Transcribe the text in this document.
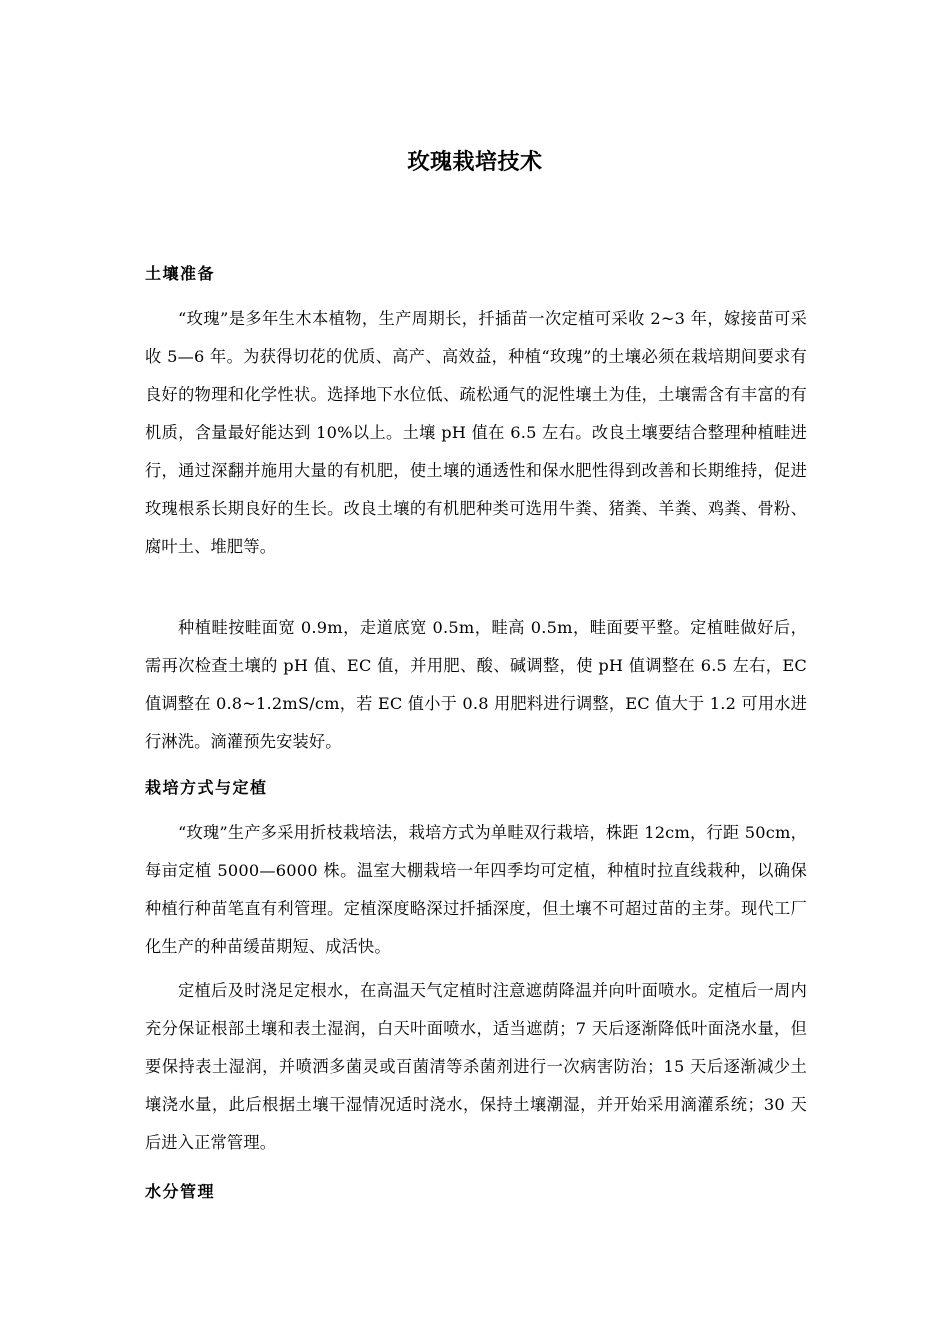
玫瑰栽培技术
土壤准备
“玫瑰”是多年生木本植物，生产周期长，扦插苗一次定植可采收 2~3 年，嫁接苗可采收 5—6 年。为获得切花的优质、高产、高效益，种植“玫瑰”的土壤必须在栽培期间要求有良好的物理和化学性状。选择地下水位低、疏松通气的泥性壤土为佳，土壤需含有丰富的有机质，含量最好能达到 10%以上。土壤 pH 值在 6.5 左右。改良土壤要结合整理种植畦进行，通过深翻并施用大量的有机肥，使土壤的通透性和保水肥性得到改善和长期维持，促进玫瑰根系长期良好的生长。改良土壤的有机肥种类可选用牛粪、猪粪、羊粪、鸡粪、骨粉、腐叶土、堆肥等。
种植畦按畦面宽 0.9m，走道底宽 0.5m，畦高 0.5m，畦面要平整。定植畦做好后，需再次检查土壤的 pH 值、EC 值，并用肥、酸、碱调整，使 pH 值调整在 6.5 左右，EC 值调整在 0.8~1.2mS/cm，若 EC 值小于 0.8 用肥料进行调整，EC 值大于 1.2 可用水进行淋洗。滴灌预先安装好。
栽培方式与定植
“玫瑰”生产多采用折枝栽培法，栽培方式为单畦双行栽培，株距 12cm，行距 50cm，每亩定植 5000—6000 株。温室大棚栽培一年四季均可定植，种植时拉直线栽种，以确保种植行种苗笔直有利管理。定植深度略深过扦插深度，但土壤不可超过苗的主芽。现代工厂化生产的种苗缓苗期短、成活快。
定植后及时浇足定根水，在高温天气定植时注意遮荫降温并向叶面喷水。定植后一周内充分保证根部土壤和表土湿润，白天叶面喷水，适当遮荫；7 天后逐渐降低叶面浇水量，但要保持表土湿润，并喷洒多菌灵或百菌清等杀菌剂进行一次病害防治；15 天后逐渐减少土壤浇水量，此后根据土壤干湿情况适时浇水，保持土壤潮湿，并开始采用滴灌系统；30 天后进入正常管理。
水分管理
